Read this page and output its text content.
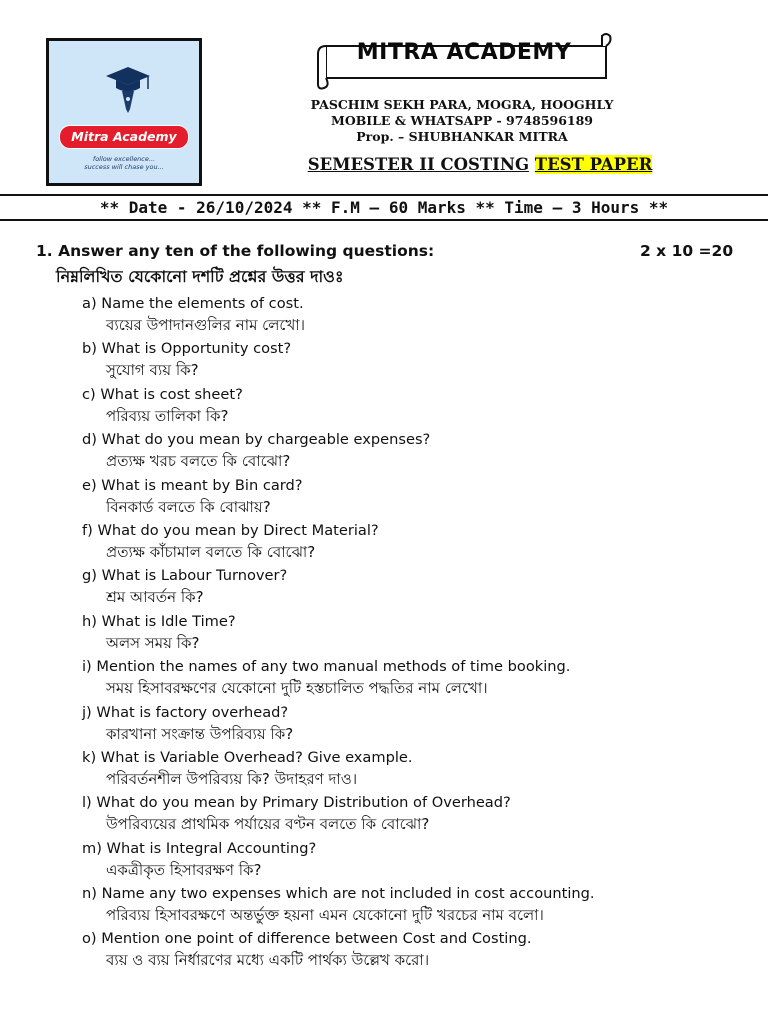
Mitra Academy
follow excellence...
success will chase you...
MITRA ACADEMY
PASCHIM SEKH PARA, MOGRA, HOOGHLY
MOBILE & WHATSAPP - 9748596189
Prop. – SHUBHANKAR MITRA
SEMESTER II COSTING TEST PAPER
** Date - 26/10/2024 ** F.M – 60 Marks ** Time – 3 Hours **
1. Answer any ten of the following questions:	2 x 10 =20
নিম্নলিখিত যেকোনো দশটি প্রশ্নের উত্তর দাওঃ
a) Name the elements of cost.
ব্যয়ের উপাদানগুলির নাম লেখো।
b) What is Opportunity cost?
সুযোগ ব্যয় কি?
c) What is cost sheet?
পরিব্যয় তালিকা কি?
d) What do you mean by chargeable expenses?
প্রত্যক্ষ খরচ বলতে কি বোঝো?
e) What is meant by Bin card?
বিনকার্ড বলতে কি বোঝায়?
f) What do you mean by Direct Material?
প্রত্যক্ষ কাঁচামাল বলতে কি বোঝো?
g) What is Labour Turnover?
শ্রম আবর্তন কি?
h) What is Idle Time?
অলস সময় কি?
i) Mention the names of any two manual methods of time booking.
সময় হিসাবরক্ষণের যেকোনো দুটি হস্তচালিত পদ্ধতির নাম লেখো।
j) What is factory overhead?
কারখানা সংক্রান্ত উপরিব্যয় কি?
k) What is Variable Overhead? Give example.
পরিবর্তনশীল উপরিব্যয় কি? উদাহরণ দাও।
l) What do you mean by Primary Distribution of Overhead?
উপরিব্যয়ের প্রাথমিক পর্যায়ের বণ্টন বলতে কি বোঝো?
m) What is Integral Accounting?
একত্রীকৃত হিসাবরক্ষণ কি?
n) Name any two expenses which are not included in cost accounting.
পরিব্যয় হিসাবরক্ষণে অন্তর্ভুক্ত হয়না এমন যেকোনো দুটি খরচের নাম বলো।
o) Mention one point of difference between Cost and Costing.
ব্যয় ও ব্যয় নির্ধারণের মধ্যে একটি পার্থক্য উল্লেখ করো।
